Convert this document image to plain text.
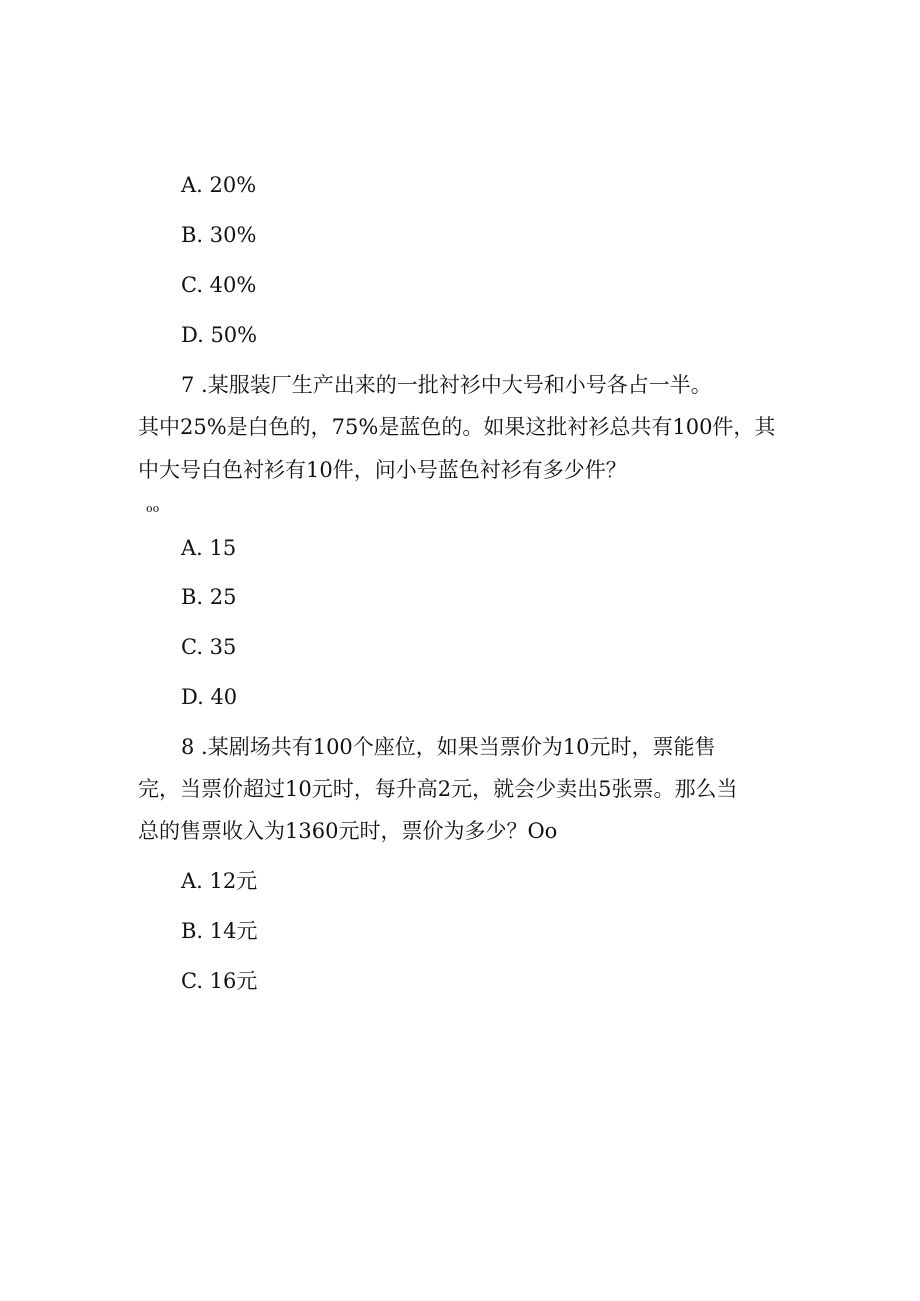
A. 20%
B. 30%
C. 40%
D. 50%
7 .某服装厂生产出来的一批衬衫中大号和小号各占一半。
其中25%是白色的，75%是蓝色的。如果这批衬衫总共有100件，其
中大号白色衬衫有10件，问小号蓝色衬衫有多少件？
oo
A. 15
B. 25
C. 35
D. 40
8 .某剧场共有100个座位，如果当票价为10元时，票能售
完，当票价超过10元时，每升高2元，就会少卖出5张票。那么当
总的售票收入为1360元时，票价为多少？Oo
A. 12元
B. 14元
C. 16元
